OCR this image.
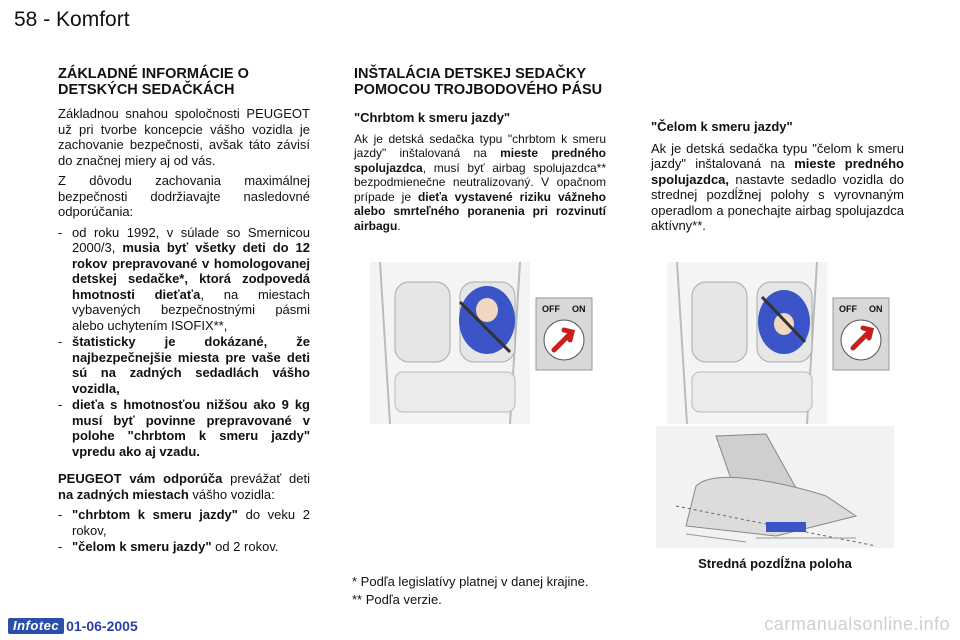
58 - Komfort
ZÁKLADNÉ INFORMÁCIE O DETSKÝCH SEDAČKÁCH

Základnou snahou spoločnosti PEUGEOT už pri tvorbe koncepcie vášho vozidla je zachovanie bezpečnosti, avšak táto závisí do značnej miery aj od vás.

Z dôvodu zachovania maximálnej bezpečnosti dodržiavajte nasledovné odporúčania:

- od roku 1992, v súlade so Smernicou 2000/3, musia byť všetky deti do 12 rokov prepravované v homologovanej detskej sedačke*, ktorá zodpovedá hmotnosti dieťaťa, na miestach vybavených bezpečnostnými pásmi alebo uchytením ISOFIX**,
- štatisticky je dokázané, že najbezpečnejšie miesta pre vaše deti sú na zadných sedadlách vášho vozidla,
- dieťa s hmotnosťou nižšou ako 9 kg musí byť povinne prepravované v polohe "chrbtom k smeru jazdy" vpredu ako aj vzadu.

PEUGEOT vám odporúča prevážať deti na zadných miestach vášho vozidla:

- "chrbtom k smeru jazdy" do veku 2 rokov,
- "čelom k smeru jazdy" od 2 rokov.
INŠTALÁCIA DETSKEJ SEDAČKY POMOCOU TROJBODOVÉHO PÁSU
"Chrbtom k smeru jazdy"

Ak je detská sedačka typu "chrbtom k smeru jazdy" inštalovaná na mieste predného spolujazdca, musí byť airbag spolujazdca** bezpodmienečne neutralizovaný. V opačnom prípade je dieťa vystavené riziku vážneho alebo smrteľného poranenia pri rozvinutí airbagu.

"Čelom k smeru jazdy"

Ak je detská sedačka typu "čelom k smeru jazdy" inštalovaná na mieste predného spolujazdca, nastavte sedadlo vozidla do strednej pozdĺžnej polohy s vyrovnaným operadlom a ponechajte airbag spolujazdca aktívny**.

OFF ON	OFF ON
Stredná pozdĺžna poloha
* Podľa legislatívy platnej v danej krajine.
** Podľa verzie.
Infotec 01-06-2005	carmanualsonline.info
